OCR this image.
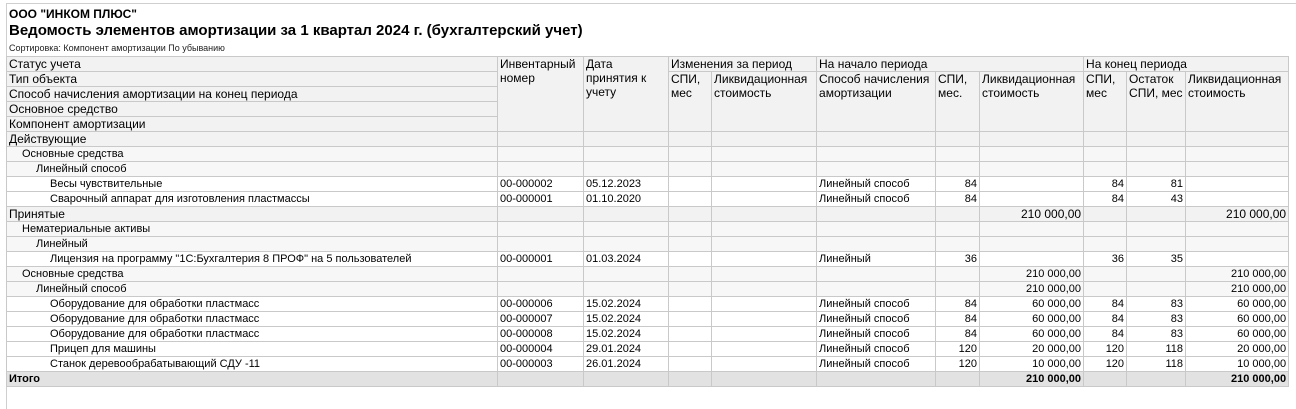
ООО "ИНКОМ ПЛЮС"
Ведомость элементов амортизации за 1 квартал 2024 г. (бухгалтерский учет)
Сортировка: Компонент амортизации По убыванию
Статус учета	Инвентарный номер	Дата принятия к учету	Изменения за период		На начало периода			На конец периода		
Тип объекта			СПИ, мес	Ликвидационная стоимость	Способ начисления амортизации	СПИ, мес.	Ликвидационная стоимость	СПИ, мес	Остаток СПИ, мес	Ликвидационная стоимость
Способ начисления амортизации на конец периода										
Основное средство										
Компонент амортизации										
Действующие										
Основные средства										
Линейный способ										
Весы чувствительные	00-000002	05.12.2023			Линейный способ	84		84	81	
Сварочный аппарат для изготовления пластмассы	00-000001	01.10.2020			Линейный способ	84		84	43	
Принятые							210 000,00			210 000,00
Нематериальные активы										
Линейный										
Лицензия на программу "1С:Бухгалтерия 8 ПРОФ" на 5 пользователей	00-000001	01.03.2024			Линейный	36		36	35	
Основные средства							210 000,00			210 000,00
Линейный способ							210 000,00			210 000,00
Оборудование для обработки пластмасс	00-000006	15.02.2024			Линейный способ	84	60 000,00	84	83	60 000,00
Оборудование для обработки пластмасс	00-000007	15.02.2024			Линейный способ	84	60 000,00	84	83	60 000,00
Оборудование для обработки пластмасс	00-000008	15.02.2024			Линейный способ	84	60 000,00	84	83	60 000,00
Прицеп для машины	00-000004	29.01.2024			Линейный способ	120	20 000,00	120	118	20 000,00
Станок деревообрабатывающий СДУ -11	00-000003	26.01.2024			Линейный способ	120	10 000,00	120	118	10 000,00
Итого							210 000,00			210 000,00
